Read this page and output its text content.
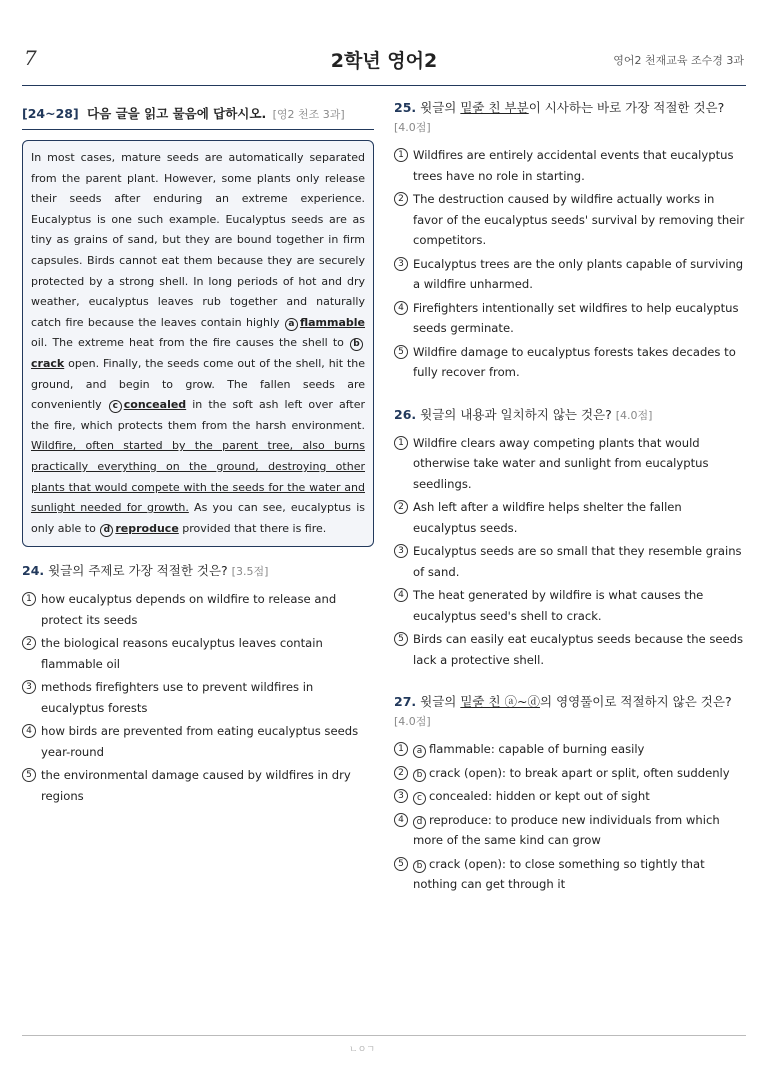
7	2학년 영어2	영어2 천재교육 조수경 3과
[24~28] 다음 글을 읽고 물음에 답하시오. [영2 천조 3과]
In most cases, mature seeds are automatically separated from the parent plant. However, some plants only release their seeds after enduring an extreme experience. Eucalyptus is one such example. Eucalyptus seeds are as tiny as grains of sand, but they are bound together in firm capsules. Birds cannot eat them because they are securely protected by a strong shell. In long periods of hot and dry weather, eucalyptus leaves rub together and naturally catch fire because the leaves contain highly a flammable oil. The extreme heat from the fire causes the shell to bcrack open. Finally, the seeds come out of the shell, hit the ground, and begin to grow. The fallen seeds are conveniently c concealed in the soft ash left over after the fire, which protects them from the harsh environment. Wildfire, often started by the parent tree, also burns practically everything on the ground, destroying other plants that would compete with the seeds for the water and sunlight needed for growth. As you can see, eucalyptus is only able to d reproduce provided that there is fire.
24. 윗글의 주제로 가장 적절한 것은? [3.5점]
1 how eucalyptus depends on wildfire to release and protect its seeds
2 the biological reasons eucalyptus leaves contain flammable oil
3 methods firefighters use to prevent wildfires in eucalyptus forests
4 how birds are prevented from eating eucalyptus seeds year-round
5 the environmental damage caused by wildfires in dry regions
25. 윗글의 밑줄 친 부분이 시사하는 바로 가장 적절한 것은? [4.0점]
1 Wildfires are entirely accidental events that eucalyptus trees have no role in starting.
2 The destruction caused by wildfire actually works in favor of the eucalyptus seeds' survival by removing their competitors.
3 Eucalyptus trees are the only plants capable of surviving a wildfire unharmed.
4 Firefighters intentionally set wildfires to help eucalyptus seeds germinate.
5 Wildfire damage to eucalyptus forests takes decades to fully recover from.
26. 윗글의 내용과 일치하지 않는 것은? [4.0점]
1 Wildfire clears away competing plants that would otherwise take water and sunlight from eucalyptus seedlings.
2 Ash left after a wildfire helps shelter the fallen eucalyptus seeds.
3 Eucalyptus seeds are so small that they resemble grains of sand.
4 The heat generated by wildfire is what causes the eucalyptus seed's shell to crack.
5 Birds can easily eat eucalyptus seeds because the seeds lack a protective shell.
27. 윗글의 밑줄 친 ⓐ~ⓓ의 영영풀이로 적절하지 않은 것은? [4.0점]
1	a flammable: capable of burning easily
2	b crack (open): to break apart or split, often suddenly
3	c concealed: hidden or kept out of sight
4	d reproduce: to produce new individuals from which more of the same kind can grow
5	b crack (open): to close something so tightly that nothing can get through it
ㄴㅇㄱ
